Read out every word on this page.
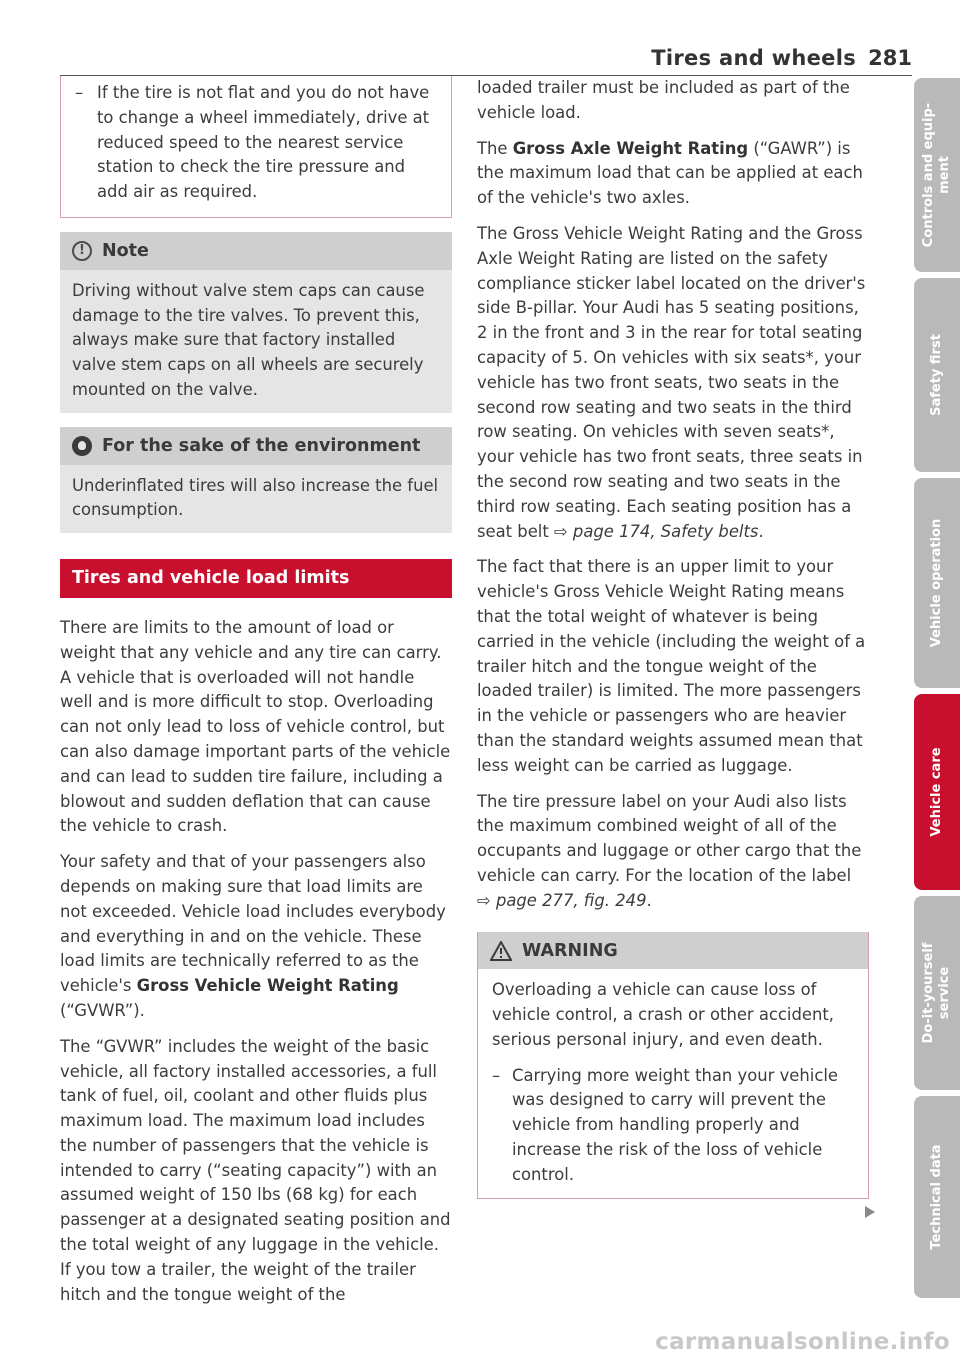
Tires and wheels 281
– If the tire is not flat and you do not have to change a wheel immediately, drive at reduced speed to the nearest service station to check the tire pressure and add air as required.
! Note
Driving without valve stem caps can cause damage to the tire valves. To prevent this, always make sure that factory installed valve stem caps on all wheels are securely mounted on the valve.
For the sake of the environment
Underinflated tires will also increase the fuel consumption.
Tires and vehicle load limits

There are limits to the amount of load or weight that any vehicle and any tire can carry. A vehicle that is overloaded will not handle well and is more difficult to stop. Overloading can not only lead to loss of vehicle control, but can also damage important parts of the vehicle and can lead to sudden tire failure, including a blowout and sudden deflation that can cause the vehicle to crash.

Your safety and that of your passengers also depends on making sure that load limits are not exceeded. Vehicle load includes everybody and everything in and on the vehicle. These load limits are technically referred to as the vehicle's Gross Vehicle Weight Rating (“GVWR”).

The “GVWR” includes the weight of the basic vehicle, all factory installed accessories, a full tank of fuel, oil, coolant and other fluids plus maximum load. The maximum load includes the number of passengers that the vehicle is intended to carry (“seating capacity”) with an assumed weight of 150 lbs (68 kg) for each passenger at a designated seating position and the total weight of any luggage in the vehicle. If you tow a trailer, the weight of the trailer hitch and the tongue weight of the

loaded trailer must be included as part of the vehicle load.

The Gross Axle Weight Rating (“GAWR”) is the maximum load that can be applied at each of the vehicle's two axles.

The Gross Vehicle Weight Rating and the Gross Axle Weight Rating are listed on the safety compliance sticker label located on the driver's side B-pillar. Your Audi has 5 seating positions, 2 in the front and 3 in the rear for total seating capacity of 5. On vehicles with six seats*, your vehicle has two front seats, two seats in the second row seating and two seats in the third row seating. On vehicles with seven seats*, your vehicle has two front seats, three seats in the second row seating and two seats in the third row seating. Each seating position has a seat belt ⇨ page 174, Safety belts.

The fact that there is an upper limit to your vehicle's Gross Vehicle Weight Rating means that the total weight of whatever is being carried in the vehicle (including the weight of a trailer hitch and the tongue weight of the loaded trailer) is limited. The more passengers in the vehicle or passengers who are heavier than the standard weights assumed mean that less weight can be carried as luggage.

The tire pressure label on your Audi also lists the maximum combined weight of all of the occupants and luggage or other cargo that the vehicle can carry. For the location of the label ⇨ page 277, fig. 249.

WARNING

Overloading a vehicle can cause loss of vehicle control, a crash or other accident, serious personal injury, and even death.

– Carrying more weight than your vehicle was designed to carry will prevent the vehicle from handling properly and increase the risk of the loss of vehicle control.
Controls and equip-
ment
Safety first
Vehicle operation
Vehicle care
Do-it-yourself
service
Technical data
carmanualsonline.info
